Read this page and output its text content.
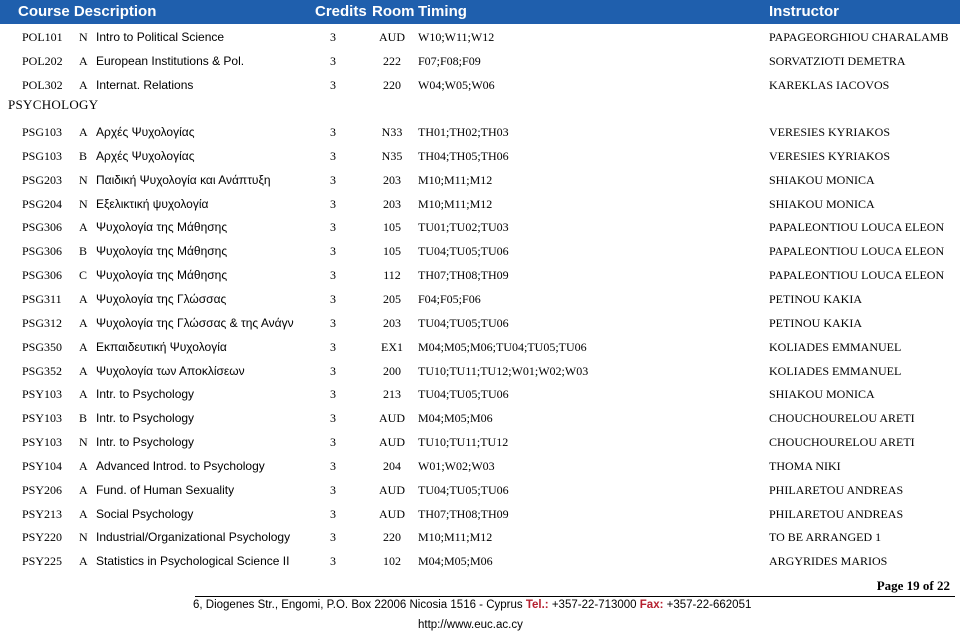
Course Description	Credits Room Timing	Instructor
POL101 N Intro to Political Science	3	AUD	W10;W11;W12	PAPAGEORGHIOU CHARALAMB
POL202 A European Institutions & Pol.	3	222	F07;F08;F09	SORVATZIOTI DEMETRA
POL302 A Internat. Relations	3	220	W04;W05;W06	KAREKLAS IACOVOS
PSYCHOLOGY
PSG103 A Αρχές Ψυχολογίας	3	N33	TH01;TH02;TH03	VERESIES KYRIAKOS
PSG103 B Αρχές Ψυχολογίας	3	N35	TH04;TH05;TH06	VERESIES KYRIAKOS
PSG203 N Παιδική Ψυχολογία και Ανάπτυξη	3	203	M10;M11;M12	SHIAKOU MONICA
PSG204 N Εξελικτική ψυχολογία	3	203	M10;M11;M12	SHIAKOU MONICA
PSG306 A Ψυχολογία της Μάθησης	3	105	TU01;TU02;TU03	PAPALEONTIOU LOUCA ELEON
PSG306 B Ψυχολογία της Μάθησης	3	105	TU04;TU05;TU06	PAPALEONTIOU LOUCA ELEON
PSG306 C Ψυχολογία της Μάθησης	3	112	TH07;TH08;TH09	PAPALEONTIOU LOUCA ELEON
PSG311 A Ψυχολογία της Γλώσσας	3	205	F04;F05;F06	PETINOU KAKIA
PSG312 A Ψυχολογία της Γλώσσας & της Ανάγν	3	203	TU04;TU05;TU06	PETINOU KAKIA
PSG350 A Εκπαιδευτική Ψυχολογία	3	EX1	M04;M05;M06;TU04;TU05;TU06	KOLIADES EMMANUEL
PSG352 A Ψυχολογία των Αποκλίσεων	3	200	TU10;TU11;TU12;W01;W02;W03	KOLIADES EMMANUEL
PSY103 A Intr. to Psychology	3	213	TU04;TU05;TU06	SHIAKOU MONICA
PSY103 B Intr. to Psychology	3	AUD	M04;M05;M06	CHOUCHOURELOU ARETI
PSY103 N Intr. to Psychology	3	AUD	TU10;TU11;TU12	CHOUCHOURELOU ARETI
PSY104 A Advanced Introd. to Psychology	3	204	W01;W02;W03	THOMA NIKI
PSY206 A Fund. of Human Sexuality	3	AUD	TU04;TU05;TU06	PHILARETOU ANDREAS
PSY213 A Social Psychology	3	AUD	TH07;TH08;TH09	PHILARETOU ANDREAS
PSY220 N Industrial/Organizational Psychology	3	220	M10;M11;M12	TO BE ARRANGED 1
PSY225 A Statistics in Psychological Science II	3	102	M04;M05;M06	ARGYRIDES MARIOS
Page 19 of 22
6, Diogenes Str., Engomi, P.O. Box 22006 Nicosia 1516 - Cyprus Tel.: +357-22-713000 Fax: +357-22-662051
http://www.euc.ac.cy
